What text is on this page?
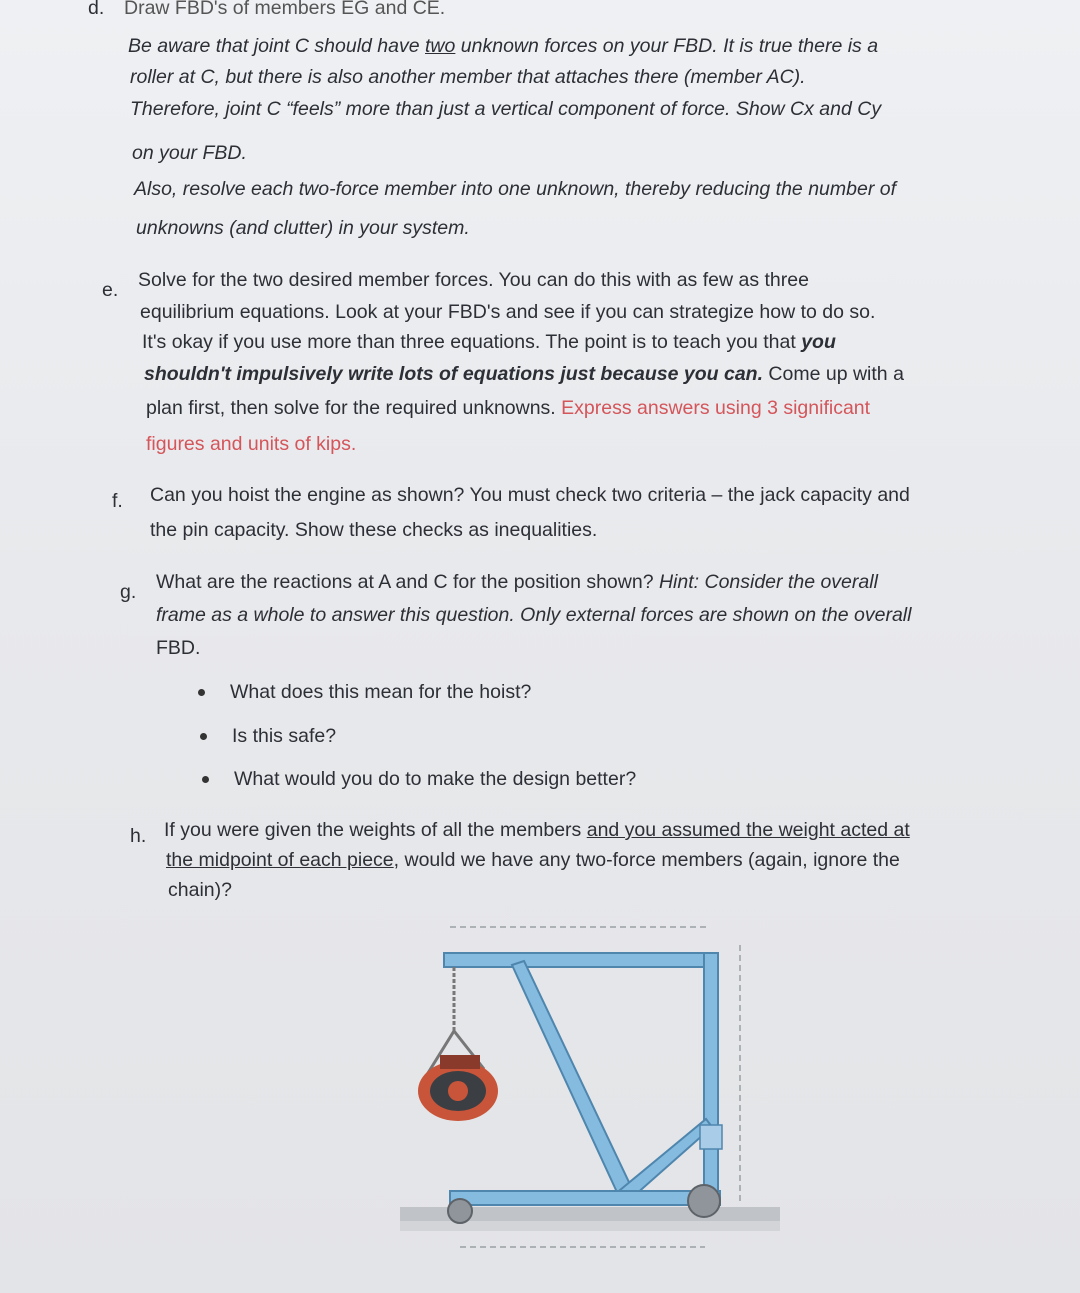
d. Draw FBD's of members EG and CE.
Be aware that joint C should have two unknown forces on your FBD. It is true there is a
roller at C, but there is also another member that attaches there (member AC).
Therefore, joint C “feels” more than just a vertical component of force. Show Cx and Cy
on your FBD.
Also, resolve each two-force member into one unknown, thereby reducing the number of
unknowns (and clutter) in your system.
e. Solve for the two desired member forces. You can do this with as few as three
equilibrium equations. Look at your FBD's and see if you can strategize how to do so.
It's okay if you use more than three equations. The point is to teach you that you
shouldn't impulsively write lots of equations just because you can. Come up with a
plan first, then solve for the required unknowns. Express answers using 3 significant
figures and units of kips.
f. Can you hoist the engine as shown? You must check two criteria – the jack capacity and
the pin capacity. Show these checks as inequalities.
g. What are the reactions at A and C for the position shown? Hint: Consider the overall
frame as a whole to answer this question. Only external forces are shown on the overall
FBD.
What does this mean for the hoist?
Is this safe?
What would you do to make the design better?
h. If you were given the weights of all the members and you assumed the weight acted at
the midpoint of each piece, would we have any two-force members (again, ignore the
chain)?
